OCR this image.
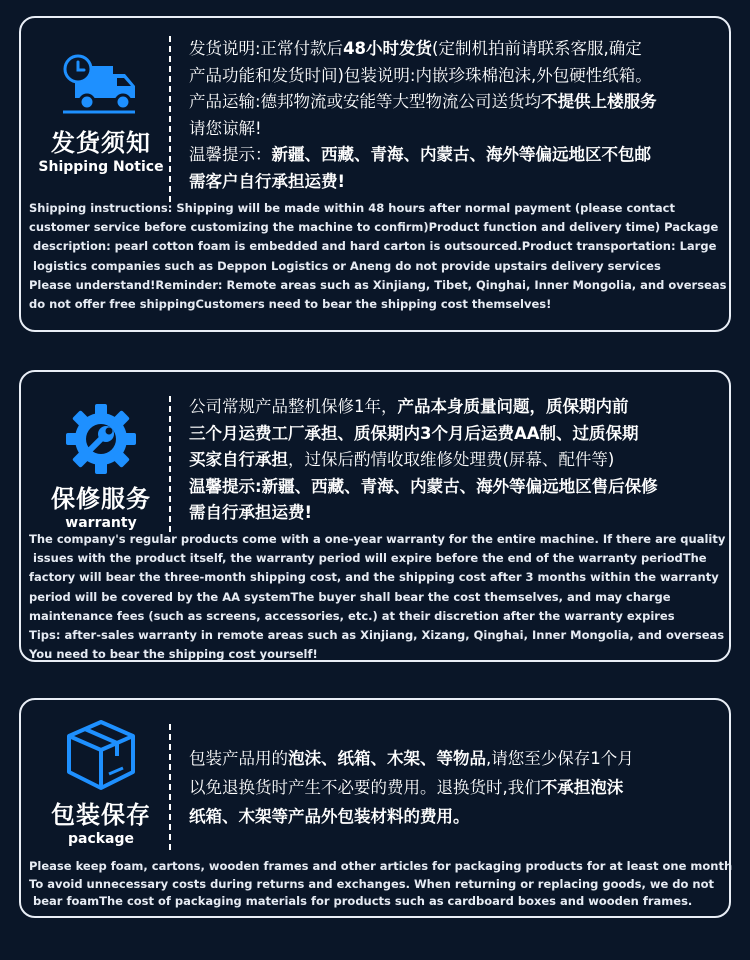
发货须知
Shipping Notice
发货说明:正常付款后48小时发货(定制机拍前请联系客服,确定
产品功能和发货时间)包装说明:内嵌珍珠棉泡沫,外包硬性纸箱。
产品运输:德邦物流或安能等大型物流公司送货均不提供上楼服务
请您谅解!
温馨提示：新疆、西藏、青海、内蒙古、海外等偏远地区不包邮
需客户自行承担运费!
Shipping instructions: Shipping will be made within 48 hours after normal payment (please contact
customer service before customizing the machine to confirm)Product function and delivery time) Package
description: pearl cotton foam is embedded and hard carton is outsourced.Product transportation: Large
logistics companies such as Deppon Logistics or Aneng do not provide upstairs delivery services
Please understand!Reminder: Remote areas such as Xinjiang, Tibet, Qinghai, Inner Mongolia, and overseas
do not offer free shippingCustomers need to bear the shipping cost themselves!
保修服务
warranty
公司常规产品整机保修1年，产品本身质量问题，质保期内前
三个月运费工厂承担、质保期内3个月后运费AA制、过质保期
买家自行承担，过保后酌情收取维修处理费(屏幕、配件等)
温馨提示:新疆、西藏、青海、内蒙古、海外等偏远地区售后保修
需自行承担运费!
The company's regular products come with a one-year warranty for the entire machine. If there are quality
issues with the product itself, the warranty period will expire before the end of the warranty periodThe
factory will bear the three-month shipping cost, and the shipping cost after 3 months within the warranty
period will be covered by the AA systemThe buyer shall bear the cost themselves, and may charge
maintenance fees (such as screens, accessories, etc.) at their discretion after the warranty expires
Tips: after-sales warranty in remote areas such as Xinjiang, Xizang, Qinghai, Inner Mongolia, and overseas
You need to bear the shipping cost yourself!
包装保存
package
包装产品用的泡沫、纸箱、木架、等物品,请您至少保存1个月
以免退换货时产生不必要的费用。退换货时,我们不承担泡沫
纸箱、木架等产品外包装材料的费用。
Please keep foam, cartons, wooden frames and other articles for packaging products for at least one month
To avoid unnecessary costs during returns and exchanges. When returning or replacing goods, we do not
bear foamThe cost of packaging materials for products such as cardboard boxes and wooden frames.
